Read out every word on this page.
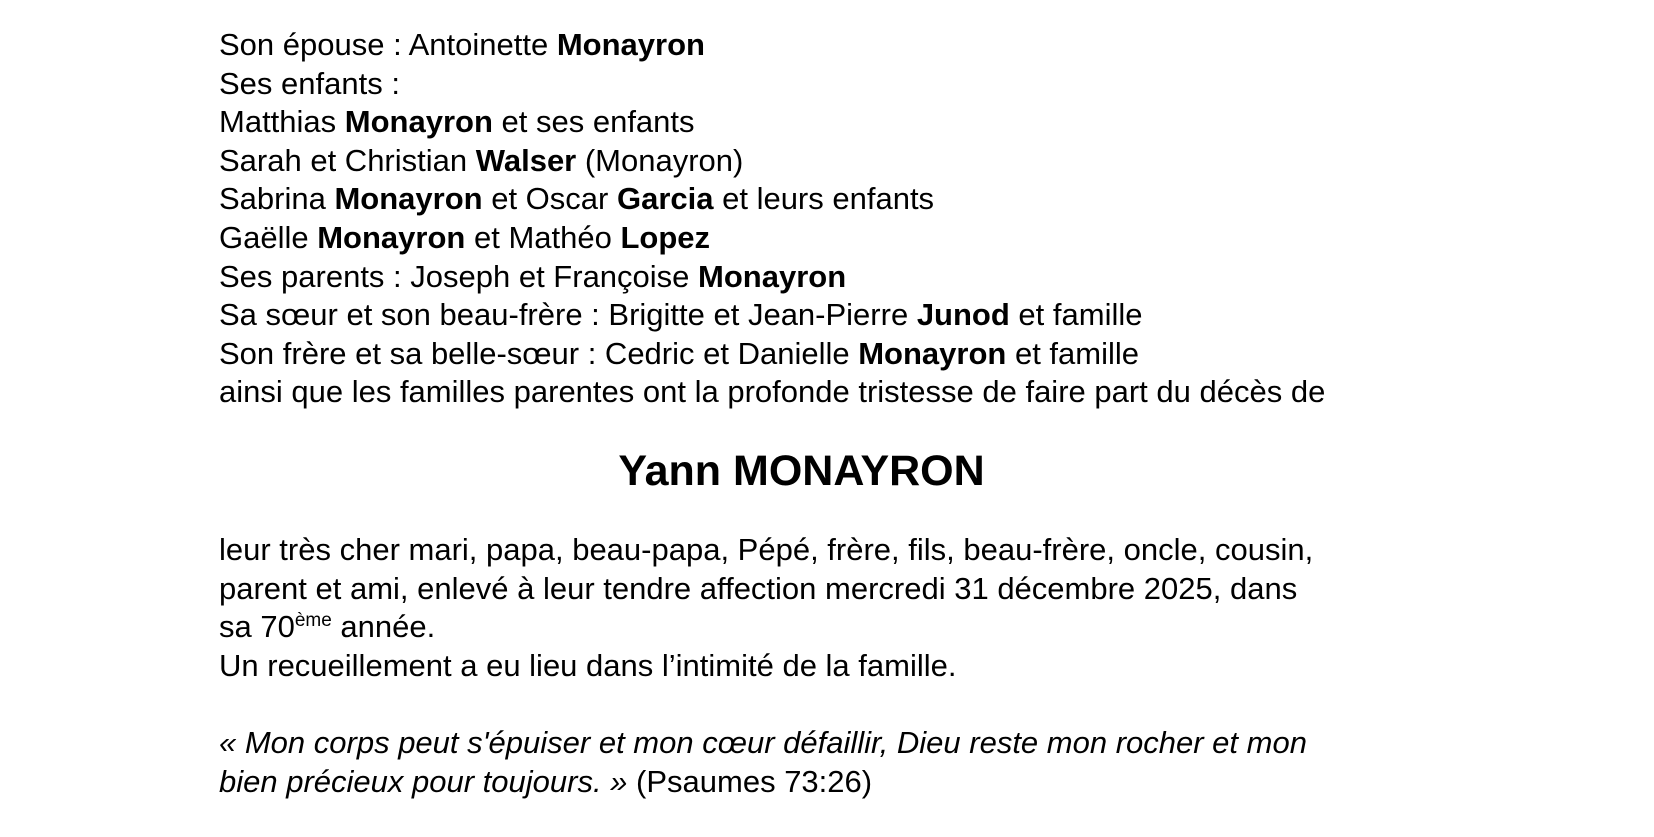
Son épouse : Antoinette Monayron
Ses enfants :
Matthias Monayron et ses enfants
Sarah et Christian Walser (Monayron)
Sabrina Monayron et Oscar Garcia et leurs enfants
Gaëlle Monayron et Mathéo Lopez
Ses parents : Joseph et Françoise Monayron
Sa sœur et son beau-frère : Brigitte et Jean-Pierre Junod et famille
Son frère et sa belle-sœur : Cedric et Danielle Monayron et famille
ainsi que les familles parentes ont la profonde tristesse de faire part du décès de
Yann MONAYRON
leur très cher mari, papa, beau-papa, Pépé, frère, fils, beau-frère, oncle, cousin,
parent et ami, enlevé à leur tendre affection mercredi 31 décembre 2025, dans
sa 70ème année.
Un recueillement a eu lieu dans l’intimité de la famille.
« Mon corps peut s'épuiser et mon cœur défaillir, Dieu reste mon rocher et mon
bien précieux pour toujours. » (Psaumes 73:26)
